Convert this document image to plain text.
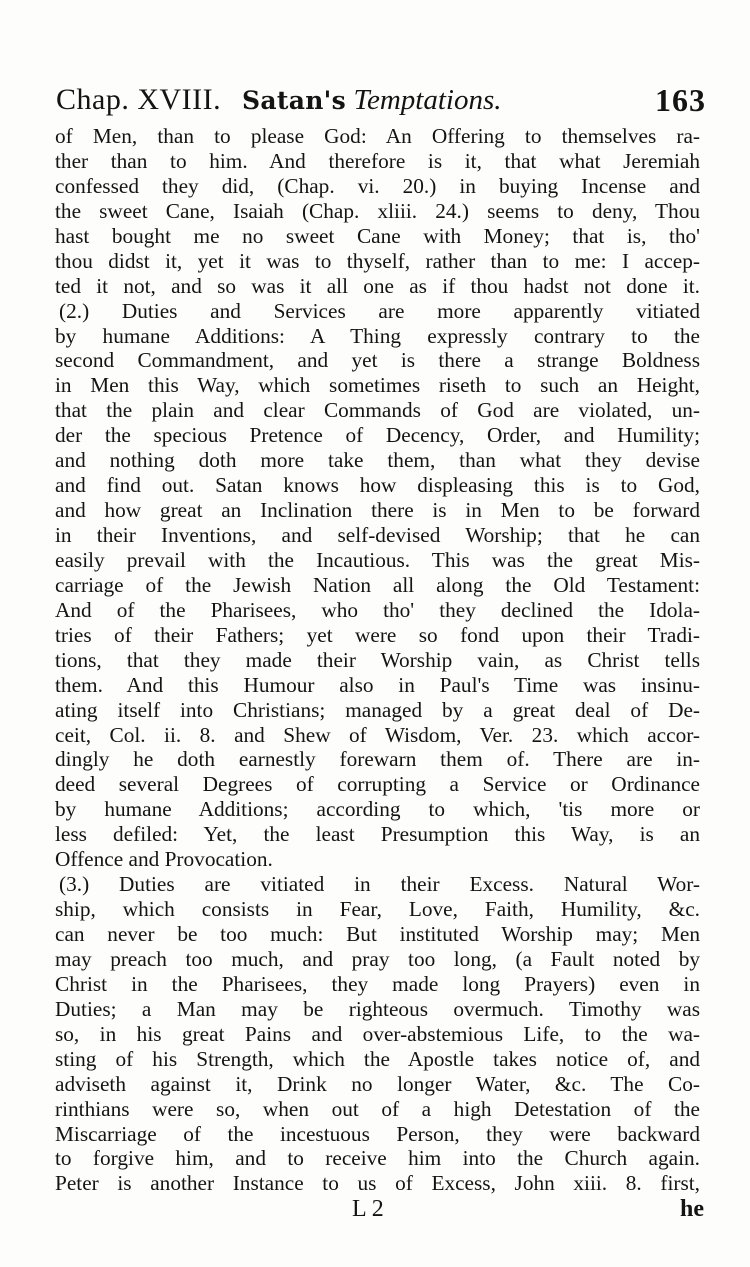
Chap. XVIII. Satan's Temptations.	163
of Men, than to please God: An Offering to themselves ra-
ther than to him. And therefore is it, that what Jeremiah
confessed they did, (Chap. vi. 20.) in buying Incense and
the sweet Cane, Isaiah (Chap. xliii. 24.) seems to deny, Thou
hast bought me no sweet Cane with Money; that is, tho'
thou didst it, yet it was to thyself, rather than to me: I accep-
ted it not, and so was it all one as if thou hadst not done it.
(2.) Duties and Services are more apparently vitiated
by humane Additions: A Thing expressly contrary to the
second Commandment, and yet is there a strange Boldness
in Men this Way, which sometimes riseth to such an Height,
that the plain and clear Commands of God are violated, un-
der the specious Pretence of Decency, Order, and Humility;
and nothing doth more take them, than what they devise
and find out. Satan knows how displeasing this is to God,
and how great an Inclination there is in Men to be forward
in their Inventions, and self-devised Worship; that he can
easily prevail with the Incautious. This was the great Mis-
carriage of the Jewish Nation all along the Old Testament:
And of the Pharisees, who tho' they declined the Idola-
tries of their Fathers; yet were so fond upon their Tradi-
tions, that they made their Worship vain, as Christ tells
them. And this Humour also in Paul's Time was insinu-
ating itself into Christians; managed by a great deal of De-
ceit, Col. ii. 8. and Shew of Wisdom, Ver. 23. which accor-
dingly he doth earnestly forewarn them of. There are in-
deed several Degrees of corrupting a Service or Ordinance
by humane Additions; according to which, 'tis more or
less defiled: Yet, the least Presumption this Way, is an
Offence and Provocation.
(3.) Duties are vitiated in their Excess. Natural Wor-
ship, which consists in Fear, Love, Faith, Humility, &c.
can never be too much: But instituted Worship may; Men
may preach too much, and pray too long, (a Fault noted by
Christ in the Pharisees, they made long Prayers) even in
Duties; a Man may be righteous overmuch. Timothy was
so, in his great Pains and over-abstemious Life, to the wa-
sting of his Strength, which the Apostle takes notice of, and
adviseth against it, Drink no longer Water, &c. The Co-
rinthians were so, when out of a high Detestation of the
Miscarriage of the incestuous Person, they were backward
to forgive him, and to receive him into the Church again.
Peter is another Instance to us of Excess, John xiii. 8. first,
L 2	he
